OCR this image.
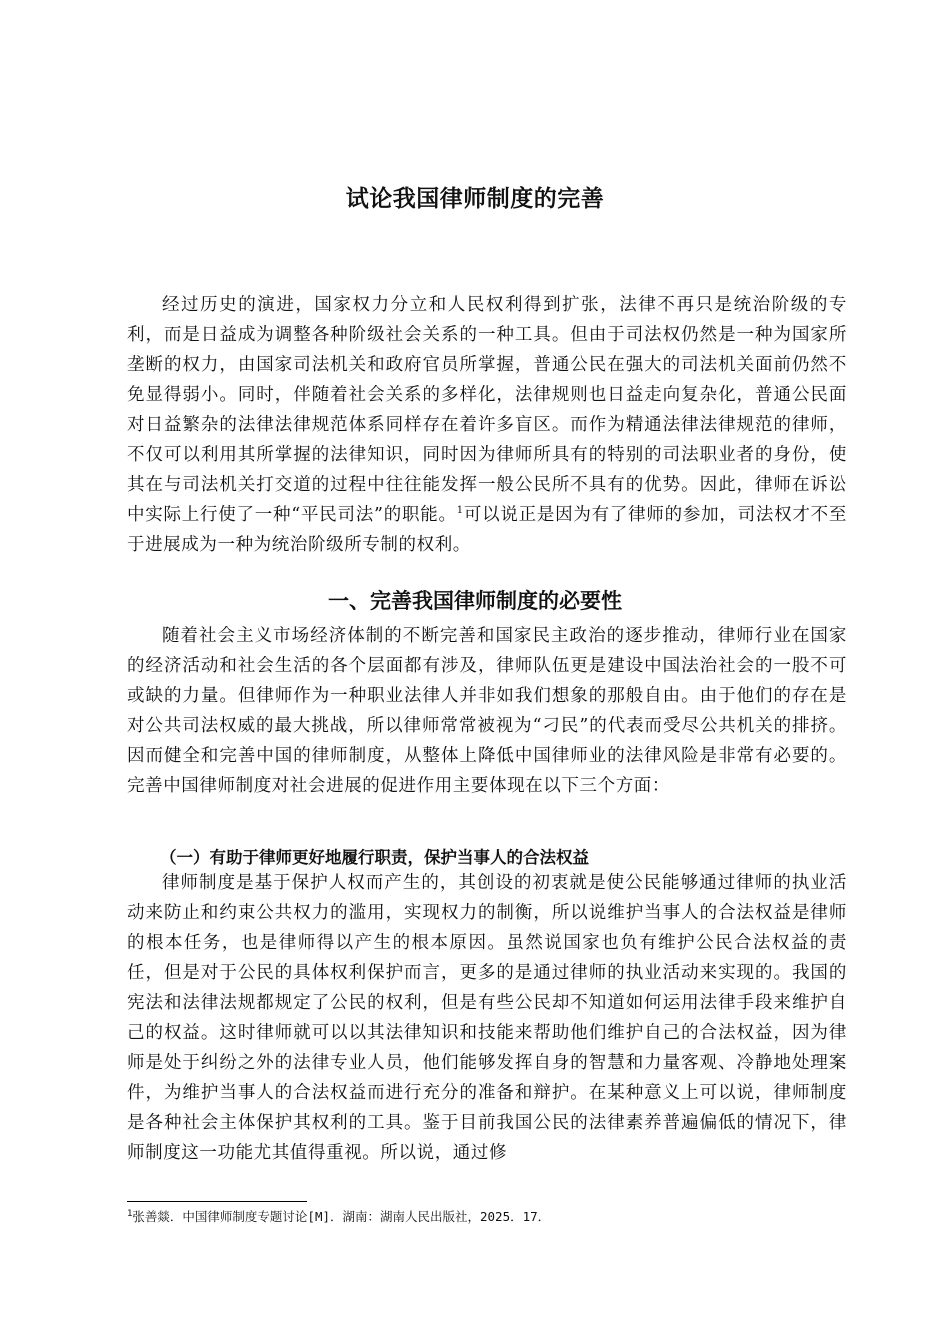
试论我国律师制度的完善

经过历史的演进，国家权力分立和人民权利得到扩张，法律不再只是统治阶级的专利，而是日益成为调整各种阶级社会关系的一种工具。但由于司法权仍然是一种为国家所垄断的权力，由国家司法机关和政府官员所掌握，普通公民在强大的司法机关面前仍然不免显得弱小。同时，伴随着社会关系的多样化，法律规则也日益走向复杂化，普通公民面对日益繁杂的法律法律规范体系同样存在着许多盲区。而作为精通法律法律规范的律师，不仅可以利用其所掌握的法律知识，同时因为律师所具有的特别的司法职业者的身份，使其在与司法机关打交道的过程中往往能发挥一般公民所不具有的优势。因此，律师在诉讼中实际上行使了一种“平民司法”的职能。$^1$可以说正是因为有了律师的参加，司法权才不至于进展成为一种为统治阶级所专制的权利。

一、完善我国律师制度的必要性

随着社会主义市场经济体制的不断完善和国家民主政治的逐步推动，律师行业在国家的经济活动和社会生活的各个层面都有涉及，律师队伍更是建设中国法治社会的一股不可或缺的力量。但律师作为一种职业法律人并非如我们想象的那般自由。由于他们的存在是对公共司法权威的最大挑战，所以律师常常被视为“刁民”的代表而受尽公共机关的排挤。因而健全和完善中国的律师制度，从整体上降低中国律师业的法律风险是非常有必要的。完善中国律师制度对社会进展的促进作用主要体现在以下三个方面：

（一）有助于律师更好地履行职责，保护当事人的合法权益

律师制度是基于保护人权而产生的，其创设的初衷就是使公民能够通过律师的执业活动来防止和约束公共权力的滥用，实现权力的制衡，所以说维护当事人的合法权益是律师的根本任务，也是律师得以产生的根本原因。虽然说国家也负有维护公民合法权益的责任，但是对于公民的具体权利保护而言，更多的是通过律师的执业活动来实现的。我国的宪法和法律法规都规定了公民的权利，但是有些公民却不知道如何运用法律手段来维护自己的权益。这时律师就可以以其法律知识和技能来帮助他们维护自己的合法权益，因为律师是处于纠纷之外的法律专业人员，他们能够发挥自身的智慧和力量客观、冷静地处理案件，为维护当事人的合法权益而进行充分的准备和辩护。在某种意义上可以说，律师制度是各种社会主体保护其权利的工具。鉴于目前我国公民的法律素养普遍偏低的情况下，律师制度这一功能尤其值得重视。所以说，通过修

$^1$张善燚．中国律师制度专题讨论[M]．湖南：湖南人民出版社，2025．17．
